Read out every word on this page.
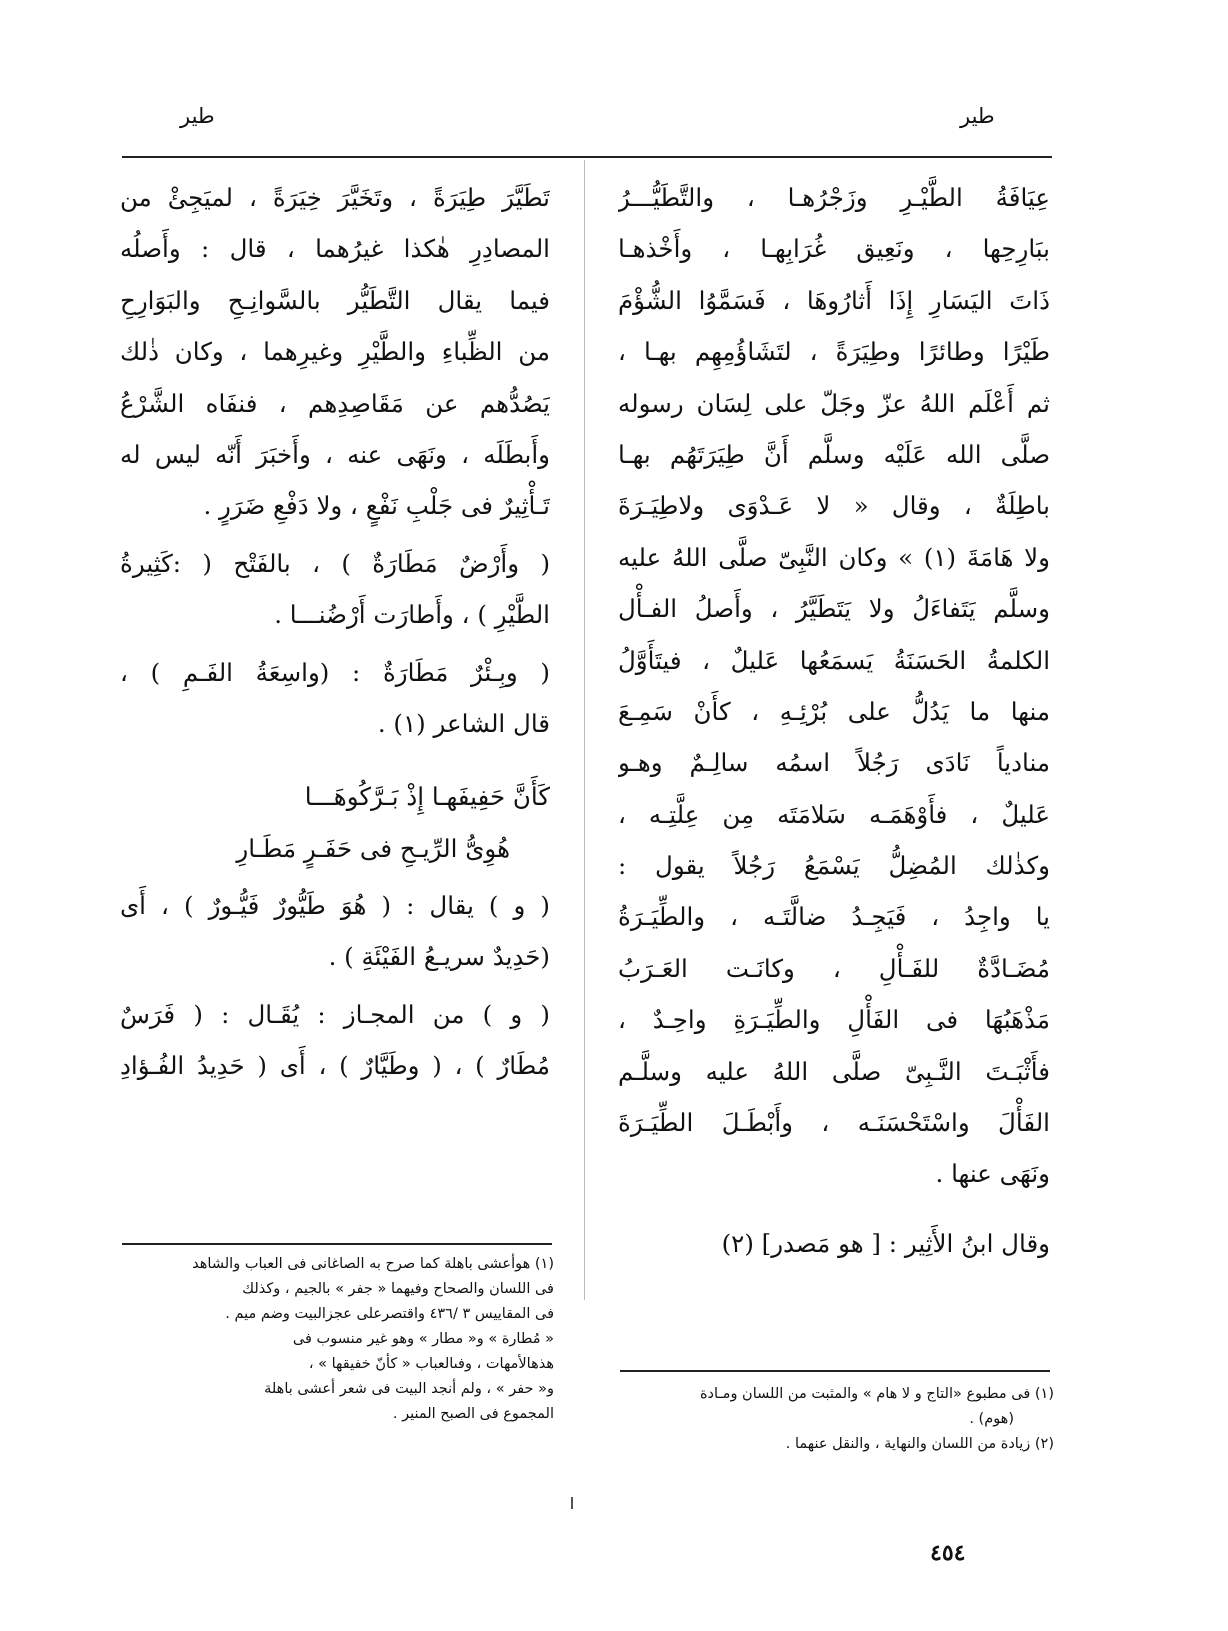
طير	طير
عِيَافَةُ الطَّيْـرِ وزَجْرُهـا ، والتَّطَيُّـــرُ
ببَارِحِها ، ونَعِيق غُرَابِهـا ، وأَخْذهـا
ذَاتَ اليَسَارِ إِذَا أَثارُوهَا ، فَسَمَّوُا الشُّؤْمَ
طَيْرًا وطائرًا وطِيَرَةً ، لتَشَاؤُمِهِم بهـا ،
ثم أَعْلَم اللهُ عزّ وجَلّ على لِسَان رسوله
صلَّى الله عَلَيْه وسلَّم أَنَّ طِيَرَتَهُم بهـا
باطِلَةٌ ، وقال « لا عَـدْوَى ولاطِيَـرَةَ
ولا هَامَةَ (١) » وكان النَّبِىّ صلَّى اللهُ عليه
وسلَّم يَتَفاءَلُ ولا يَتَطَيَّرُ ، وأَصلُ الفـأْل
الكلمةُ الحَسَنَةُ يَسمَعُها عَليلٌ ، فيتَأَوَّلُ
منها ما يَدُلُّ على بُرْئِـهِ ، كأَنْ سَمِـعَ
منادياً نَادَى رَجُلاً اسمُه سالِـمٌ وهـو
عَليلٌ ، فأَوْهَمَـه سَلامَتَه مِن عِلَّتِـه ،
وكذٰلك المُضِلُّ يَسْمَعُ رَجُلاً يقول :
يا واجِدُ ، فَيَجِـدُ ضالَّتَـه ، والطِّيَـرَةُ
مُضَـادَّةٌ للفَـأْلِ ، وكانَـت العَـرَبُ
مَذْهَبُهَا فى الفَأْلِ والطِّيَـرَةِ واحِـدٌ ،
فأَثْبَـتَ النَّـبِىّ صلَّى اللهُ عليه وسلَّـم
الفَأْلَ واسْتَحْسَنَـه ، وأَبْطَـلَ الطِّيَـرَةَ
ونَهَى عنها .
وقال ابنُ الأَثِير : [ هو مَصدر] (٢)
تَطَيَّرَ طِيَرَةً ، وتَخَيَّرَ خِيَرَةً ، لميَجِئْ من
المصادِرِ هٰكذا غيرُهما ، قال : وأَصلُه
فيما يقال التَّطَيُّر بالسَّوانِـحِ والبَوَارِحِ
من الظِّباءِ والطَّيْرِ وغيرِهما ، وكان ذٰلك
يَصُدُّهم عن مَقَاصِدِهم ، فنفَاه الشَّرْعُ
وأَبطَلَه ، ونَهَى عنه ، وأَخبَرَ أَنّه ليس له
تَـأْثِيرٌ فى جَلْبِ نَفْعٍ ، ولا دَفْعِ ضَرَرٍ .
( وأَرْضٌ مَطَارَةٌ ) ، بالفَتْح ( :كَثِيرةُ
الطَّيْرِ ) ، وأَطارَت أَرْضُنـــا .
( وبِـئْرٌ مَطَارَةٌ : (واسِعَةُ الفَـمِ ) ،
قال الشاعر (١) .
كَأَنَّ حَفِيفَهـا إِذْ بَـرَّكُوهَـــا
هُوِىُّ الرِّيـحِ فى حَفَـرٍ مَطَـارِ
( و ) يقال : ( هُوَ طَيُّورٌ فَيُّـورٌ ) ، أَى
(حَدِيدٌ سريـعُ الفَيْئَةِ ) .
( و ) من المجـاز : يُقَـال : ( فَرَسٌ
مُطَارٌ ) ، ( وطَيَّارٌ ) ، أَى ( حَدِيدُ الفُـؤادِ

(١) هوأعشى باهلة كما صرح به الصاغانى فى العباب والشاهد

فى اللسان والصحاح وفيهما « جفر » بالجيم ، وكذلك

فى المقاييس ٣ /٤٣٦ واقتصرعلى عجزالبيت وضم ميم .

« مُطارة » و« مطار » وهو غير منسوب فى

هذهالأمهات ، وفىالعباب « كأنّ خفيقها » ،

و« حفر » ، ولم أنجد البيت فى شعر أعشى باهلة

المجموع فى الصبح المنير .

(١) فى مطبوع «التاج و لا هام » والمثبت من اللسان ومـادة

(هوم) .

(٢) زيادة من اللسان والنهاية ، والنقل عنهما .

٤٥٤
